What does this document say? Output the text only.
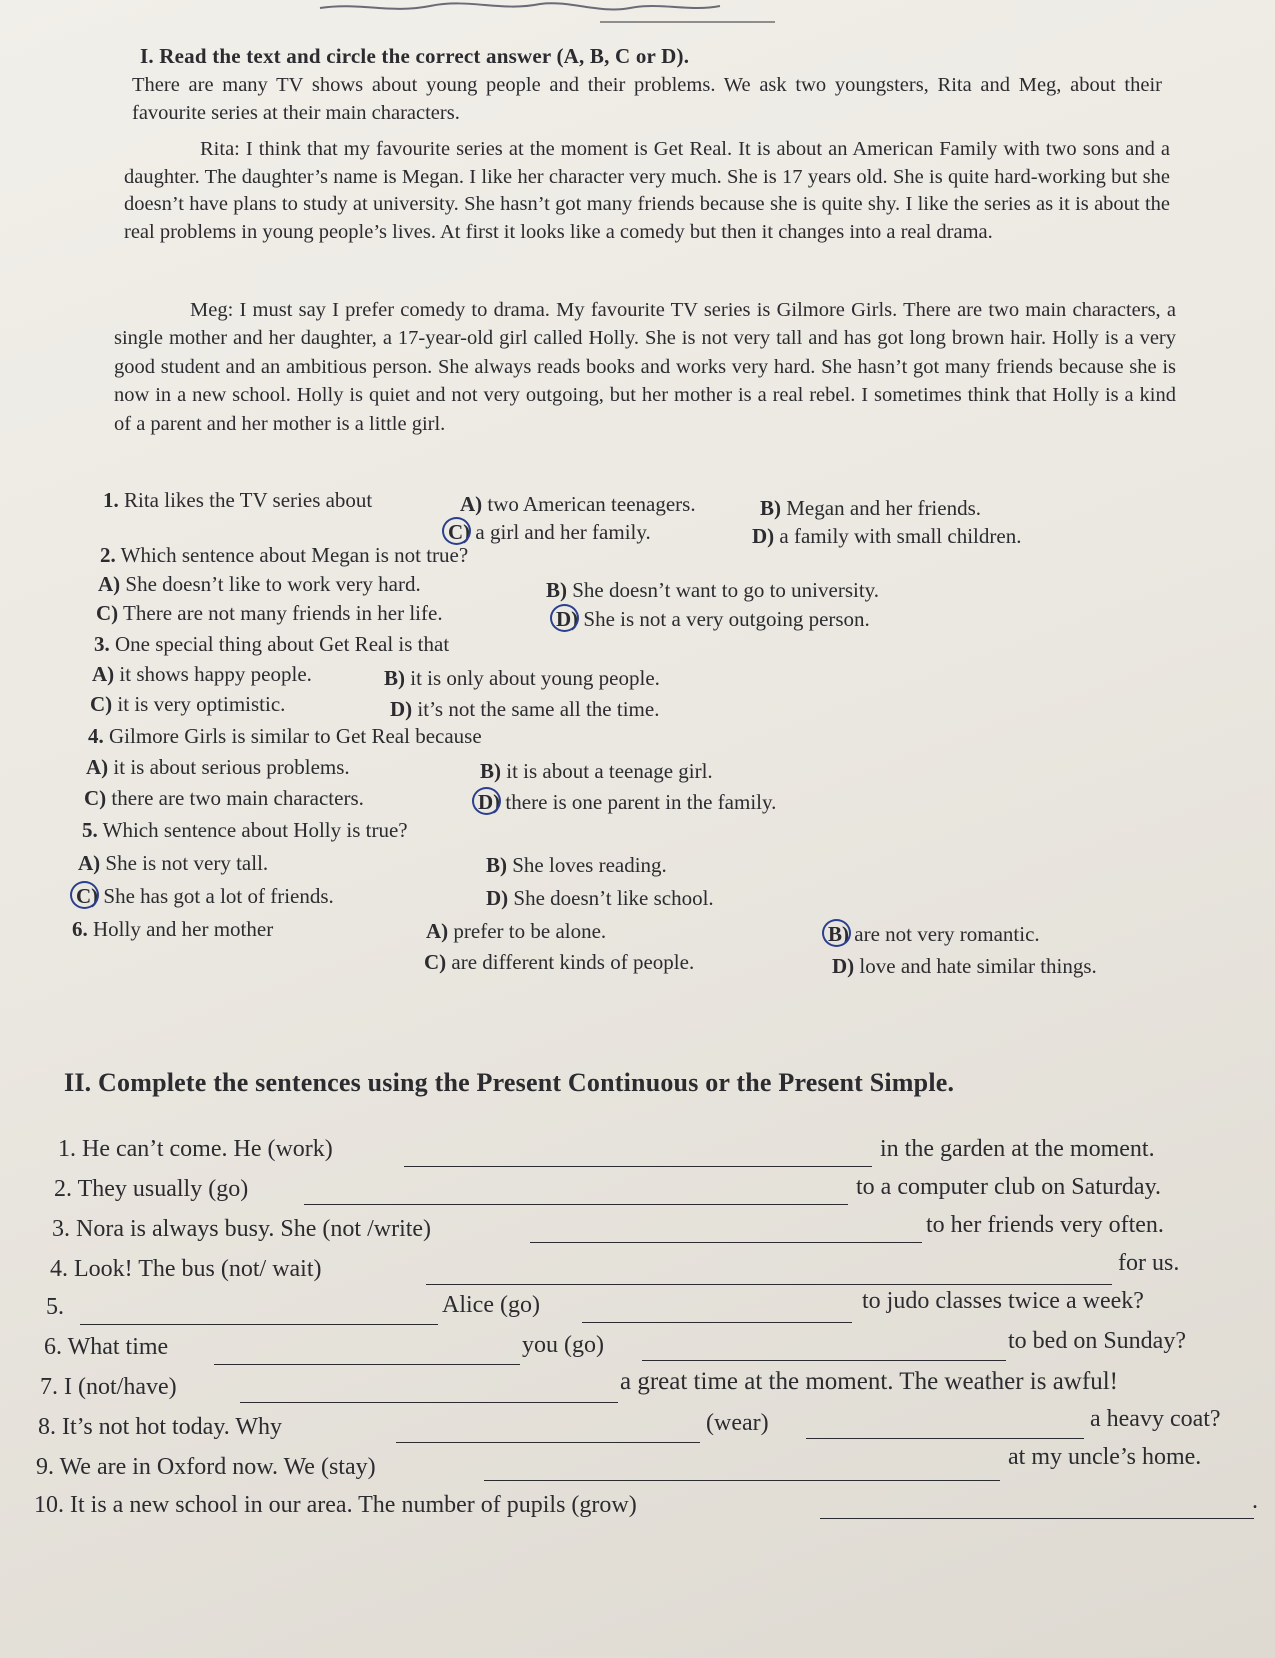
I. Read the text and circle the correct answer (A, B, C or D).
There are many TV shows about young people and their problems. We ask two youngsters, Rita and Meg, about their favourite series at their main characters.
Rita: I think that my favourite series at the moment is Get Real. It is about an American Family with two sons and a daughter. The daughter’s name is Megan. I like her character very much. She is 17 years old. She is quite hard-working but she doesn’t have plans to study at university. She hasn’t got many friends because she is quite shy. I like the series as it is about the real problems in young people’s lives. At first it looks like a comedy but then it changes into a real drama.
Meg: I must say I prefer comedy to drama. My favourite TV series is Gilmore Girls. There are two main characters, a single mother and her daughter, a 17-year-old girl called Holly. She is not very tall and has got long brown hair. Holly is a very good student and an ambitious person. She always reads books and works very hard. She hasn’t got many friends because she is now in a new school. Holly is quiet and not very outgoing, but her mother is a real rebel. I sometimes think that Holly is a kind of a parent and her mother is a little girl.
1. Rita likes the TV series about	A) two American teenagers.	B) Megan and her friends.
C) a girl and her family.	D) a family with small children.
2. Which sentence about Megan is not true?
A) She doesn’t like to work very hard.	B) She doesn’t want to go to university.
C) There are not many friends in her life.	D) She is not a very outgoing person.
3. One special thing about Get Real is that
A) it shows happy people.	B) it is only about young people.
C) it is very optimistic.	D) it’s not the same all the time.
4. Gilmore Girls is similar to Get Real because
A) it is about serious problems.	B) it is about a teenage girl.
C) there are two main characters.	D) there is one parent in the family.
5. Which sentence about Holly is true?
A) She is not very tall.	B) She loves reading.
C) She has got a lot of friends.	D) She doesn’t like school.
6. Holly and her mother	A) prefer to be alone.	B) are not very romantic.
C) are different kinds of people.	D) love and hate similar things.
II. Complete the sentences using the Present Continuous or the Present Simple.
1. He can’t come. He (work)	in the garden at the moment.
2. They usually (go)	to a computer club on Saturday.
3. Nora is always busy. She (not /write)	to her friends very often.
4. Look! The bus (not/ wait)	for us.
5.	Alice (go)	to judo classes twice a week?
6. What time	you (go)	to bed on Sunday?
7. I (not/have)	a great time at the moment. The weather is awful!
8. It’s not hot today. Why	(wear)	a heavy coat?
9. We are in Oxford now. We (stay)	at my uncle’s home.
10. It is a new school in our area. The number of pupils (grow)	.
